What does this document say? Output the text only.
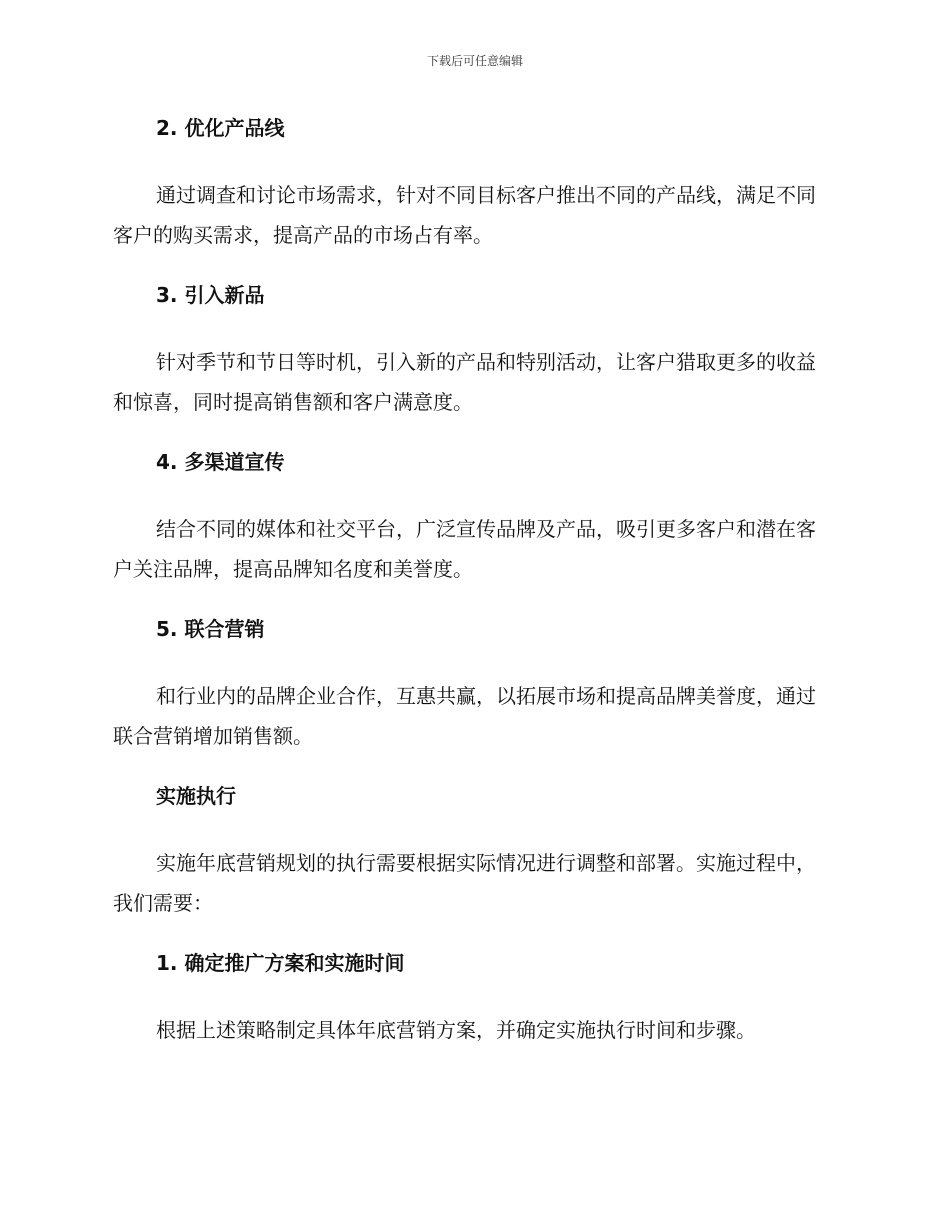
下载后可任意编辑
2. 优化产品线

通过调查和讨论市场需求，针对不同目标客户推出不同的产品线，满足不同客户的购买需求，提高产品的市场占有率。

3. 引入新品

针对季节和节日等时机，引入新的产品和特别活动，让客户猎取更多的收益和惊喜，同时提高销售额和客户满意度。

4. 多渠道宣传

结合不同的媒体和社交平台，广泛宣传品牌及产品，吸引更多客户和潜在客户关注品牌，提高品牌知名度和美誉度。

5. 联合营销

和行业内的品牌企业合作，互惠共赢，以拓展市场和提高品牌美誉度，通过联合营销增加销售额。

实施执行

实施年底营销规划的执行需要根据实际情况进行调整和部署。实施过程中，我们需要：

1. 确定推广方案和实施时间

根据上述策略制定具体年底营销方案，并确定实施执行时间和步骤。
